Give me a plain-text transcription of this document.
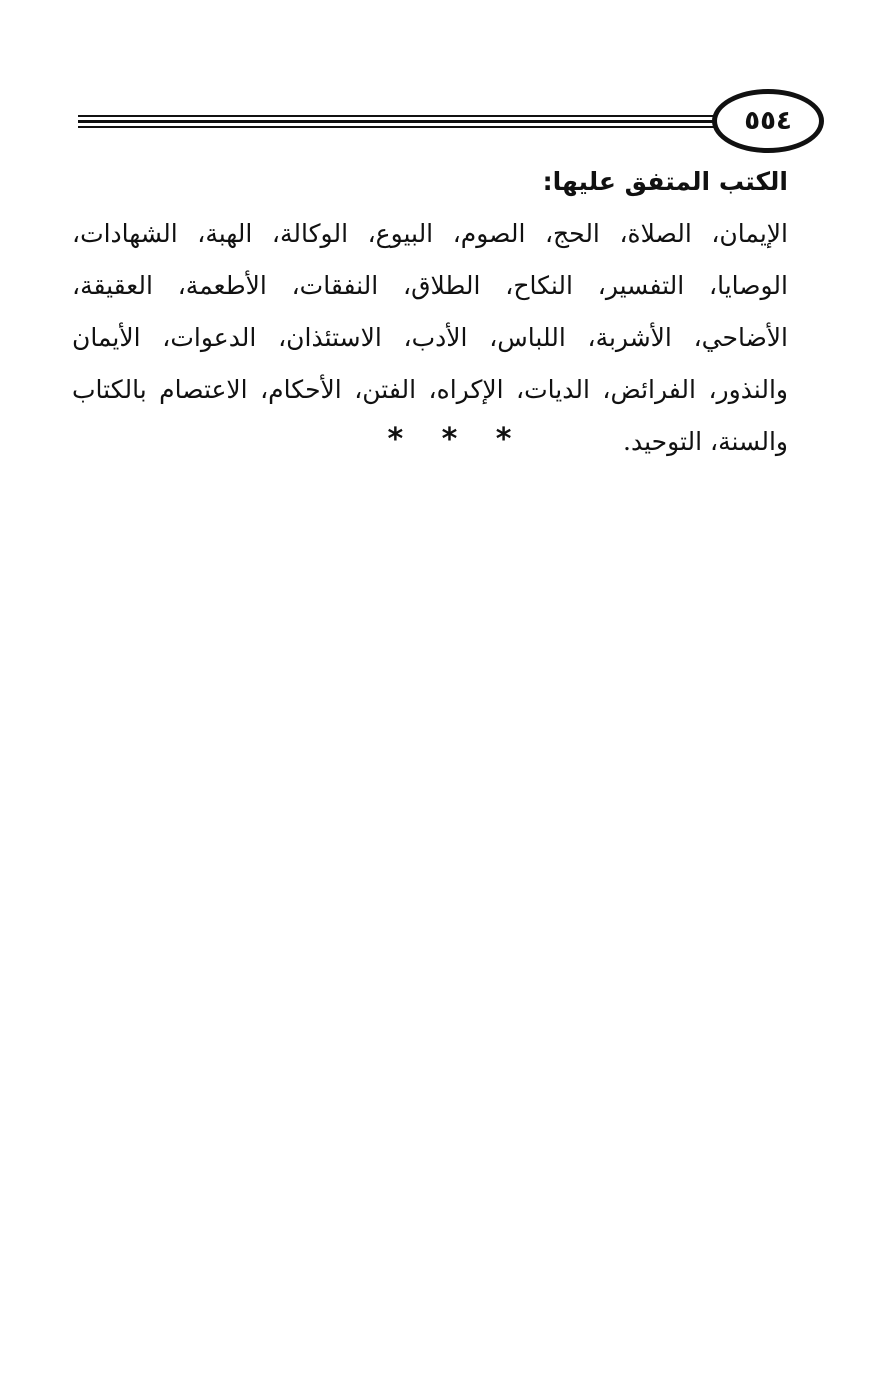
٥٥٤
الكتب المتفق عليها:

الإيمان، الصلاة، الحج، الصوم، البيوع، الوكالة، الهبة، الشهادات، الوصايا، التفسير، النكاح، الطلاق، النفقات، الأطعمة، العقيقة، الأضاحي، الأشربة، اللباس، الأدب، الاستئذان، الدعوات، الأيمان والنذور، الفرائض، الديات، الإكراه، الفتن، الأحكام، الاعتصام بالكتاب والسنة، التوحيد.

* * *
